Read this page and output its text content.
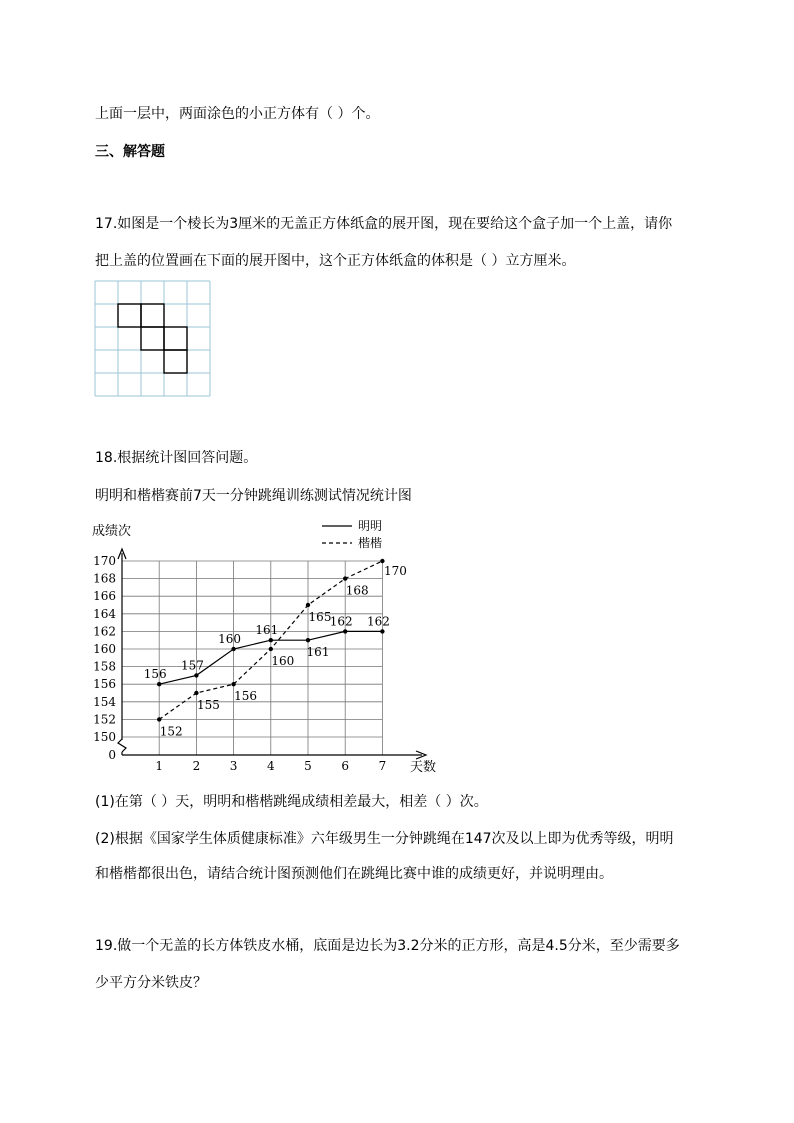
上面一层中，两面涂色的小正方体有（ ）个。
三、解答题
17.如图是一个棱长为3厘米的无盖正方体纸盒的展开图，现在要给这个盒子加一个上盖，请你
把上盖的位置画在下面的展开图中，这个正方体纸盒的体积是（ ）立方厘米。
18.根据统计图回答问题。
明明和楷楷赛前7天一分钟跳绳训练测试情况统计图
成绩次
天数
明明
楷楷
0
150
152
154
156
158
160
162
164
166
168
170
1 2 3 4 5 6 7
156
157
160
161
161
162 162
152
155
156
160
165
168
170
(1)在第（ ）天，明明和楷楷跳绳成绩相差最大，相差（ ）次。
(2)根据《国家学生体质健康标准》六年级男生一分钟跳绳在147次及以上即为优秀等级，明明
和楷楷都很出色，请结合统计图预测他们在跳绳比赛中谁的成绩更好，并说明理由。
19.做一个无盖的长方体铁皮水桶，底面是边长为3.2分米的正方形，高是4.5分米，至少需要多
少平方分米铁皮？
